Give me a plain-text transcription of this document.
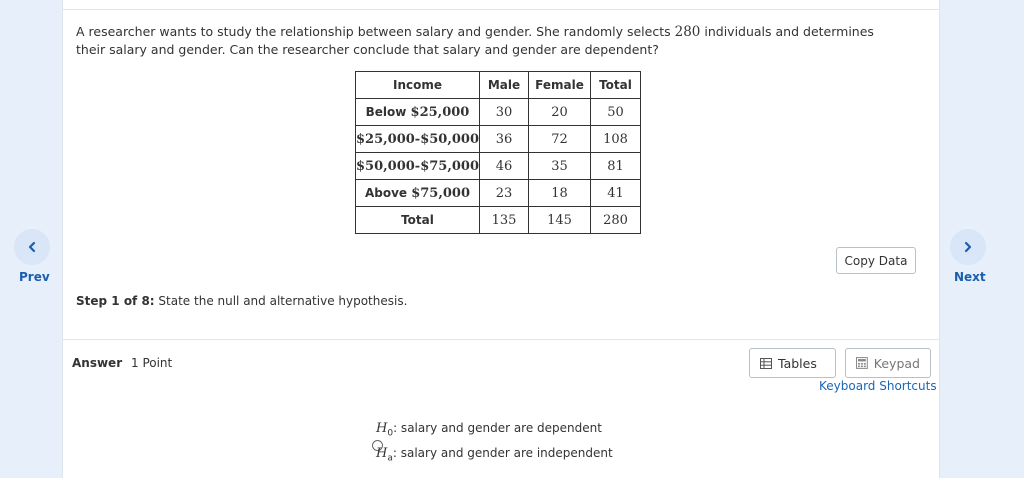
Prev	Next
A researcher wants to study the relationship between salary and gender. She randomly selects 280 individuals and determines their salary and gender. Can the researcher conclude that salary and gender are dependent?
Income	Male	Female	Total
Below $25,000	30	20	50
$25,000-$50,000	36	72	108
$50,000-$75,000	46	35	81
Above $75,000	23	18	41
Total	135	145	280
Copy Data
Step 1 of 8: State the null and alternative hypothesis.
Answer 1 Point	Tables	Keypad
Keyboard Shortcuts
$H_0$: salary and gender are dependent
$H_a$: salary and gender are independent
